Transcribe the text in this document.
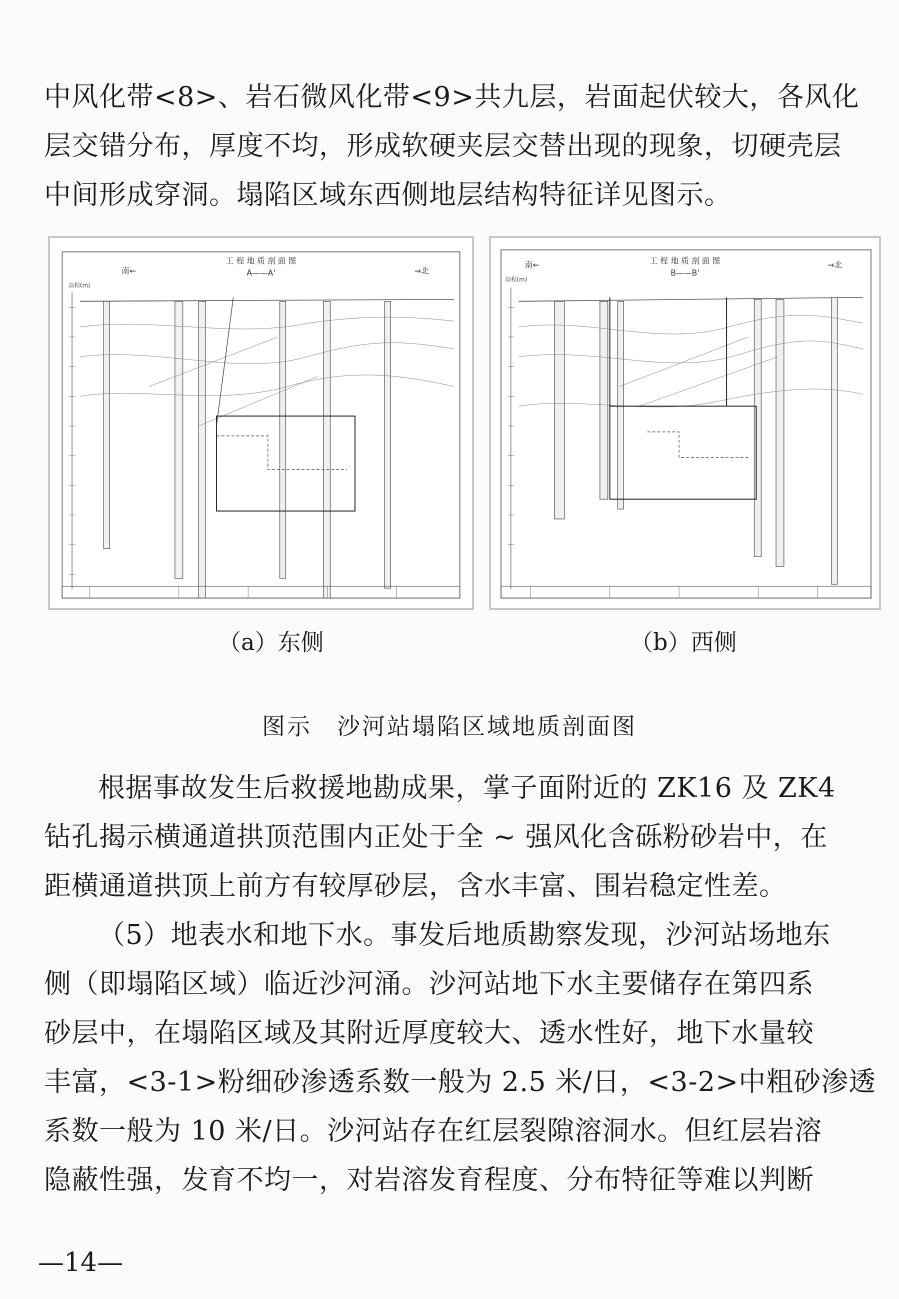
中风化带<8>、岩石微风化带<9>共九层，岩面起伏较大，各风化
层交错分布，厚度不均，形成软硬夹层交替出现的现象，切硬壳层
中间形成穿洞。塌陷区域东西侧地层结构特征详见图示。
工 程 地 质 剖 面 图
A——A'
南←	→北
高程(m)
工 程 地 质 剖 面 图
B——B'
南←	→北
高程(m)
（a）东侧	（b）西侧
图示　沙河站塌陷区域地质剖面图
根据事故发生后救援地勘成果，掌子面附近的 ZK16 及 ZK4
钻孔揭示横通道拱顶范围内正处于全 ~ 强风化含砾粉砂岩中，在
距横通道拱顶上前方有较厚砂层，含水丰富、围岩稳定性差。
（5）地表水和地下水。事发后地质勘察发现，沙河站场地东
侧（即塌陷区域）临近沙河涌。沙河站地下水主要储存在第四系
砂层中，在塌陷区域及其附近厚度较大、透水性好，地下水量较
丰富，<3-1>粉细砂渗透系数一般为 2.5 米/日，<3-2>中粗砂渗透
系数一般为 10 米/日。沙河站存在红层裂隙溶洞水。但红层岩溶
隐蔽性强，发育不均一，对岩溶发育程度、分布特征等难以判断
—14—
